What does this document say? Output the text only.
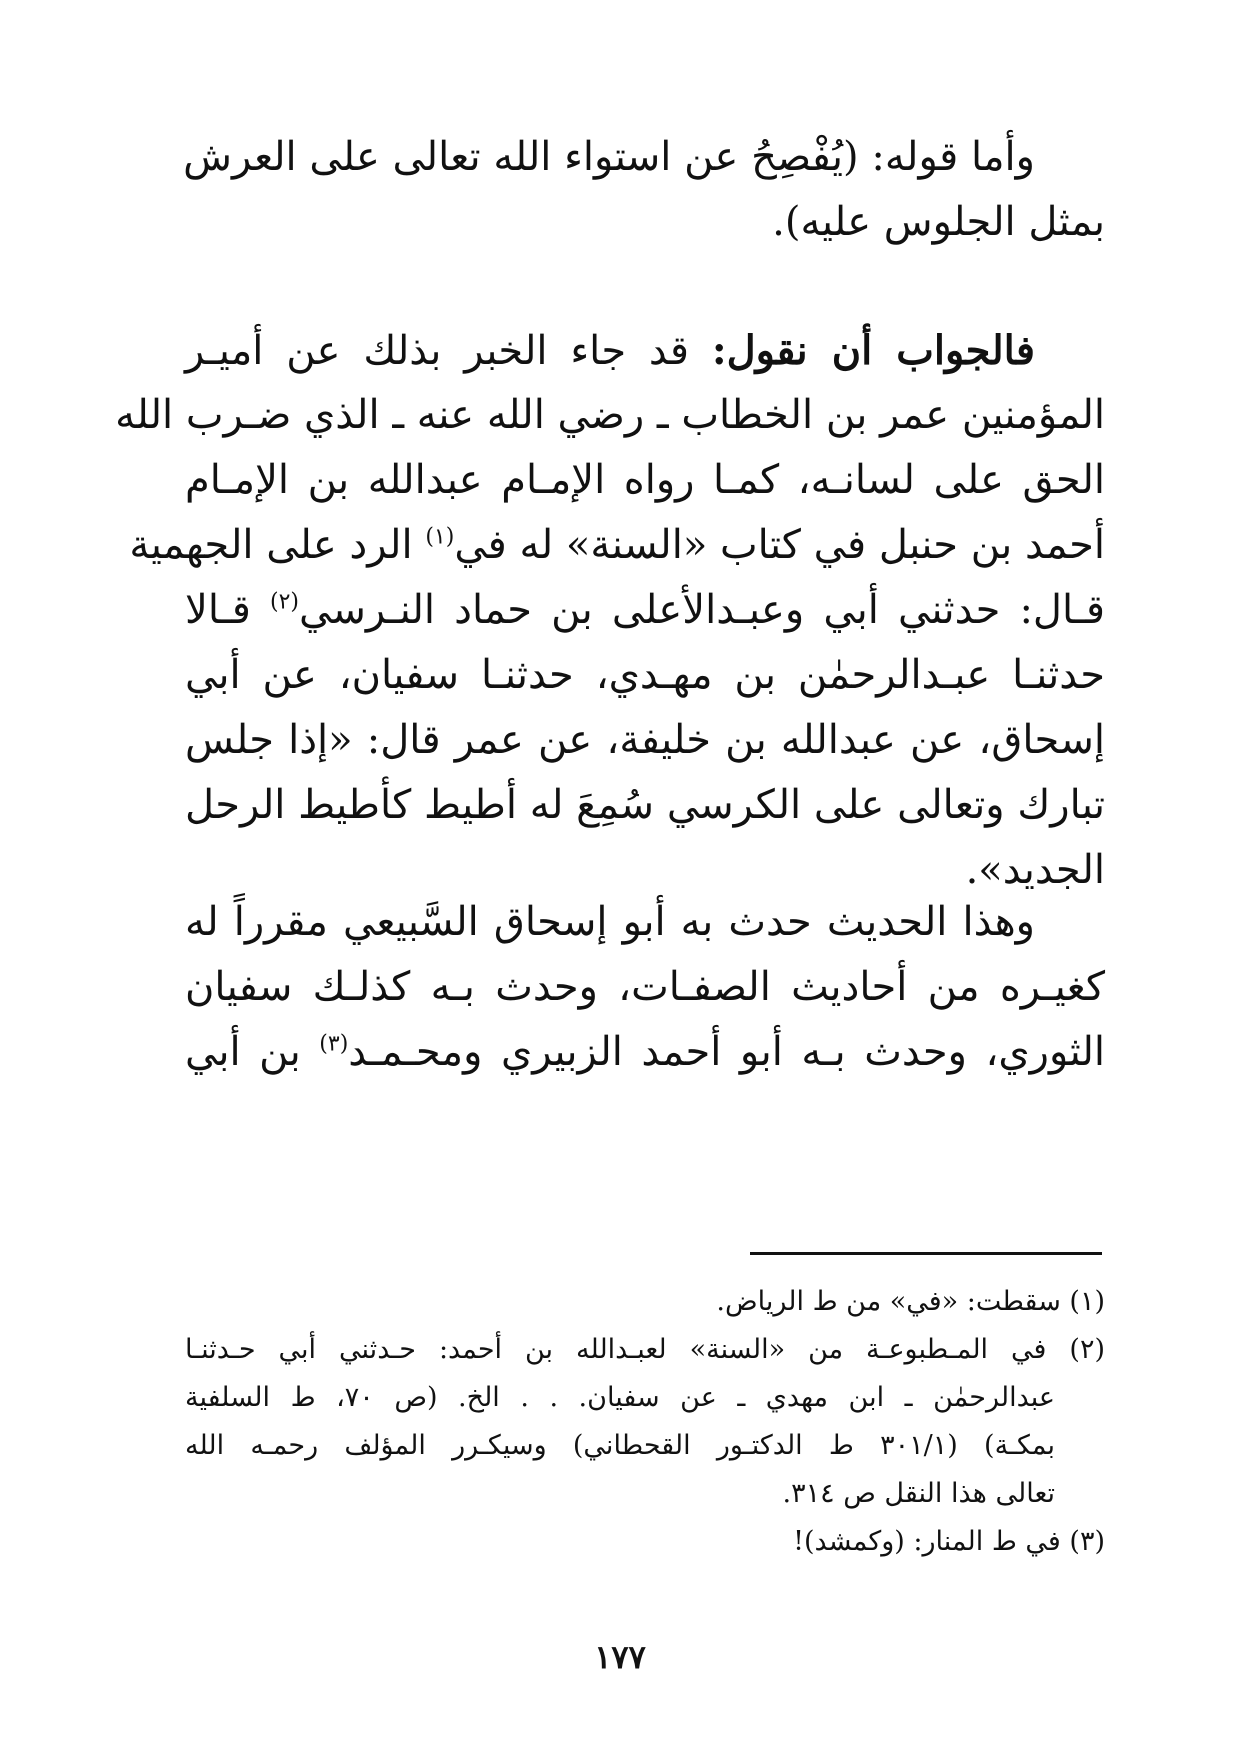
وأما قوله: (يُفْصِحُ عن استواء الله تعالى على العرش
بمثل الجلوس عليه).
فالجواب أن نقول: قد جاء الخبر بذلك عن أميـر
المؤمنين عمر بن الخطاب ـ رضي الله عنه ـ الذي ضـرب الله
الحق على لسانـه، كمـا رواه الإمـام عبدالله بن الإمـام
أحمد بن حنبل في كتاب «السنة» له في$^{(١)}$ الرد على الجهمية
قـال: حدثني أبي وعبـدالأعلى بن حماد النـرسي$^{(٢)}$ قـالا
حدثنـا عبـدالرحمٰن بن مهـدي، حدثنـا سفيان، عن أبي
إسحاق، عن عبدالله بن خليفة، عن عمر قال: «إذا جلس
تبارك وتعالى على الكرسي سُمِعَ له أطيط كأطيط الرحل
الجديد».
وهذا الحديث حدث به أبو إسحاق السَّبيعي مقرراً له
كغيـره من أحاديث الصفـات، وحدث بـه كذلـك سفيان
الثوري، وحدث بـه أبو أحمد الزبيري ومحـمـد$^{(٣)}$ بن أبي
(١) سقطت: «في» من ط الرياض.
(٢) في المـطبوعـة من «السنة» لعبـدالله بن أحمد: حـدثني أبي حـدثنـا
عبدالرحمٰن ـ ابن مهدي ـ عن سفيان. . . الخ. (ص ٧٠، ط السلفية
بمكـة) (٣٠١/١ ط الدكتـور القحطاني) وسيكـرر المؤلف رحمـه الله
تعالى هذا النقل ص ٣١٤.
(٣) في ط المنار: (وكمشد)!
١٧٧
